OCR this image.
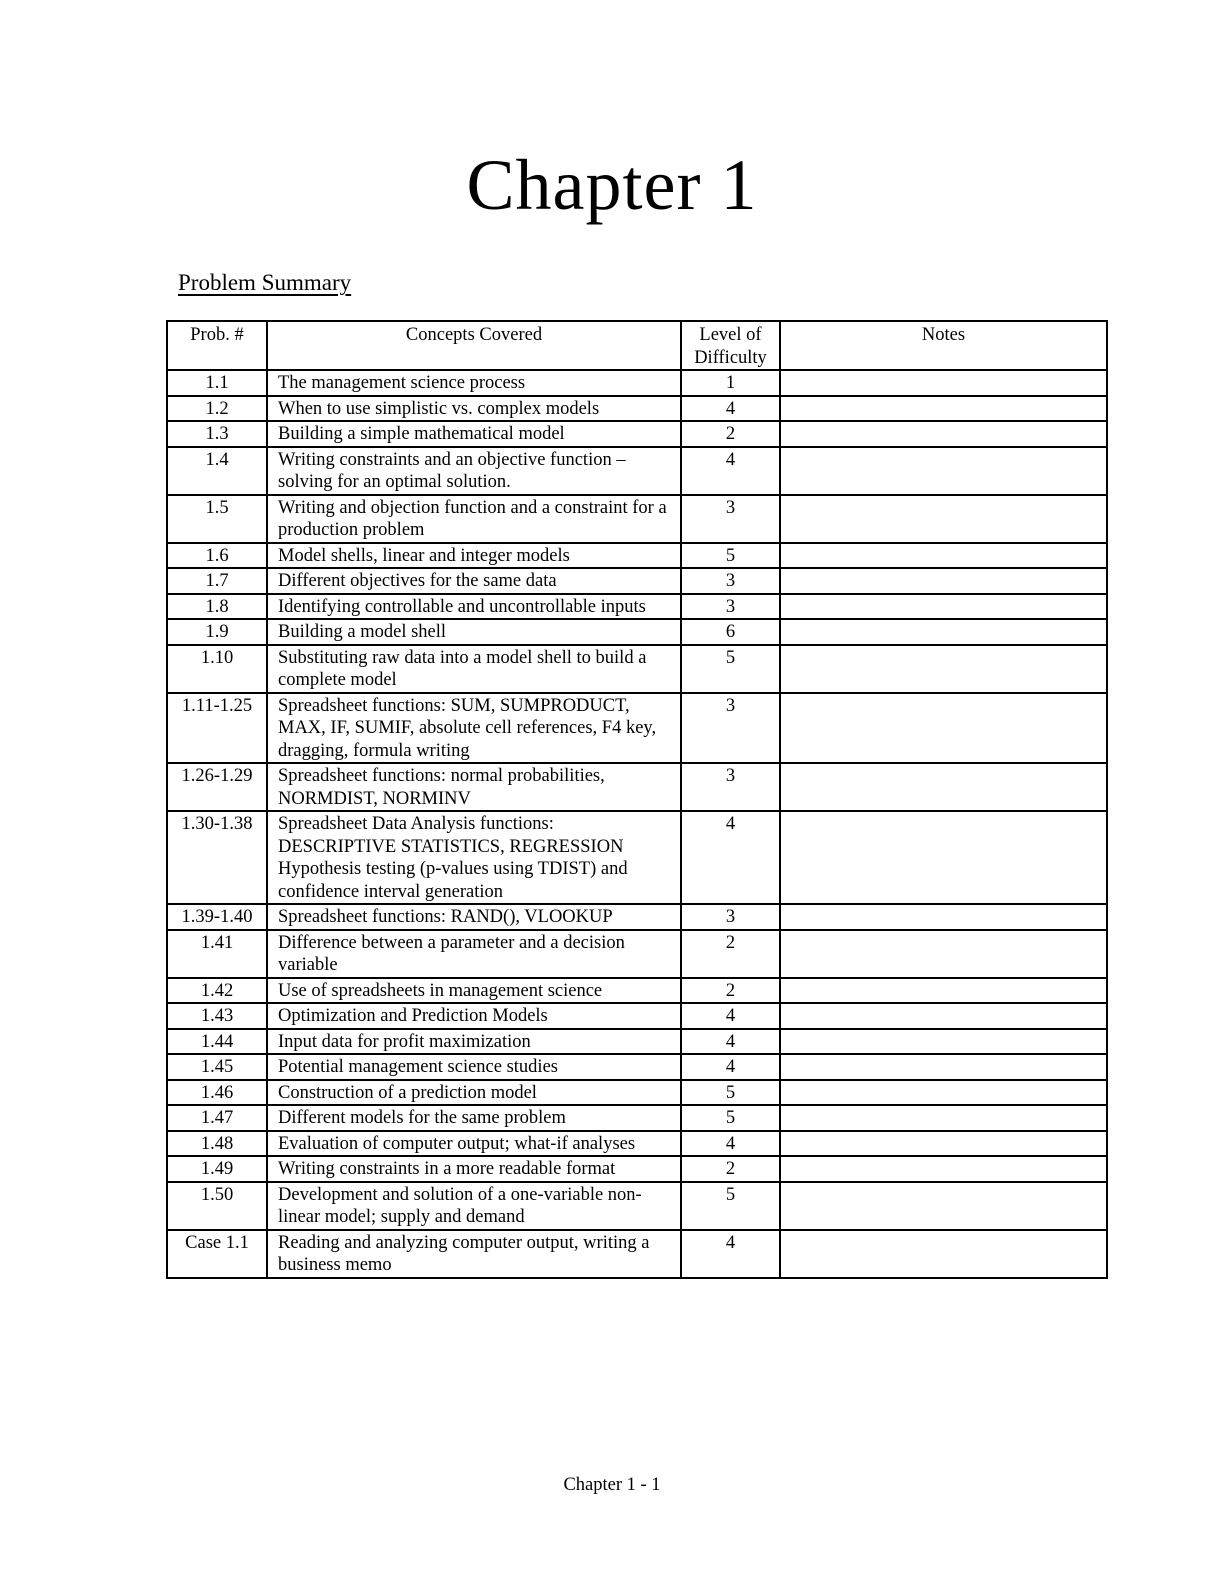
Chapter 1
Problem Summary
Prob. #	Concepts Covered	Level of Difficulty	Notes
1.1	The management science process	1	
1.2	When to use simplistic vs. complex models	4	
1.3	Building a simple mathematical model	2	
1.4	Writing constraints and an objective function – solving for an optimal solution.	4	
1.5	Writing and objection function and a constraint for a production problem	3	
1.6	Model shells, linear and integer models	5	
1.7	Different objectives for the same data	3	
1.8	Identifying controllable and uncontrollable inputs	3	
1.9	Building a model shell	6	
1.10	Substituting raw data into a model shell to build a complete model	5	
1.11-1.25	Spreadsheet functions: SUM, SUMPRODUCT, MAX, IF, SUMIF, absolute cell references, F4 key, dragging, formula writing	3	
1.26-1.29	Spreadsheet functions: normal probabilities, NORMDIST, NORMINV	3	
1.30-1.38	Spreadsheet Data Analysis functions: DESCRIPTIVE STATISTICS, REGRESSION Hypothesis testing (p-values using TDIST) and confidence interval generation	4	
1.39-1.40	Spreadsheet functions: RAND(), VLOOKUP	3	
1.41	Difference between a parameter and a decision variable	2	
1.42	Use of spreadsheets in management science	2	
1.43	Optimization and Prediction Models	4	
1.44	Input data for profit maximization	4	
1.45	Potential management science studies	4	
1.46	Construction of a prediction model	5	
1.47	Different models for the same problem	5	
1.48	Evaluation of computer output; what-if analyses	4	
1.49	Writing constraints in a more readable format	2	
1.50	Development and solution of a one-variable non-linear model; supply and demand	5	
Case 1.1	Reading and analyzing computer output, writing a business memo	4	
Chapter 1 - 1
